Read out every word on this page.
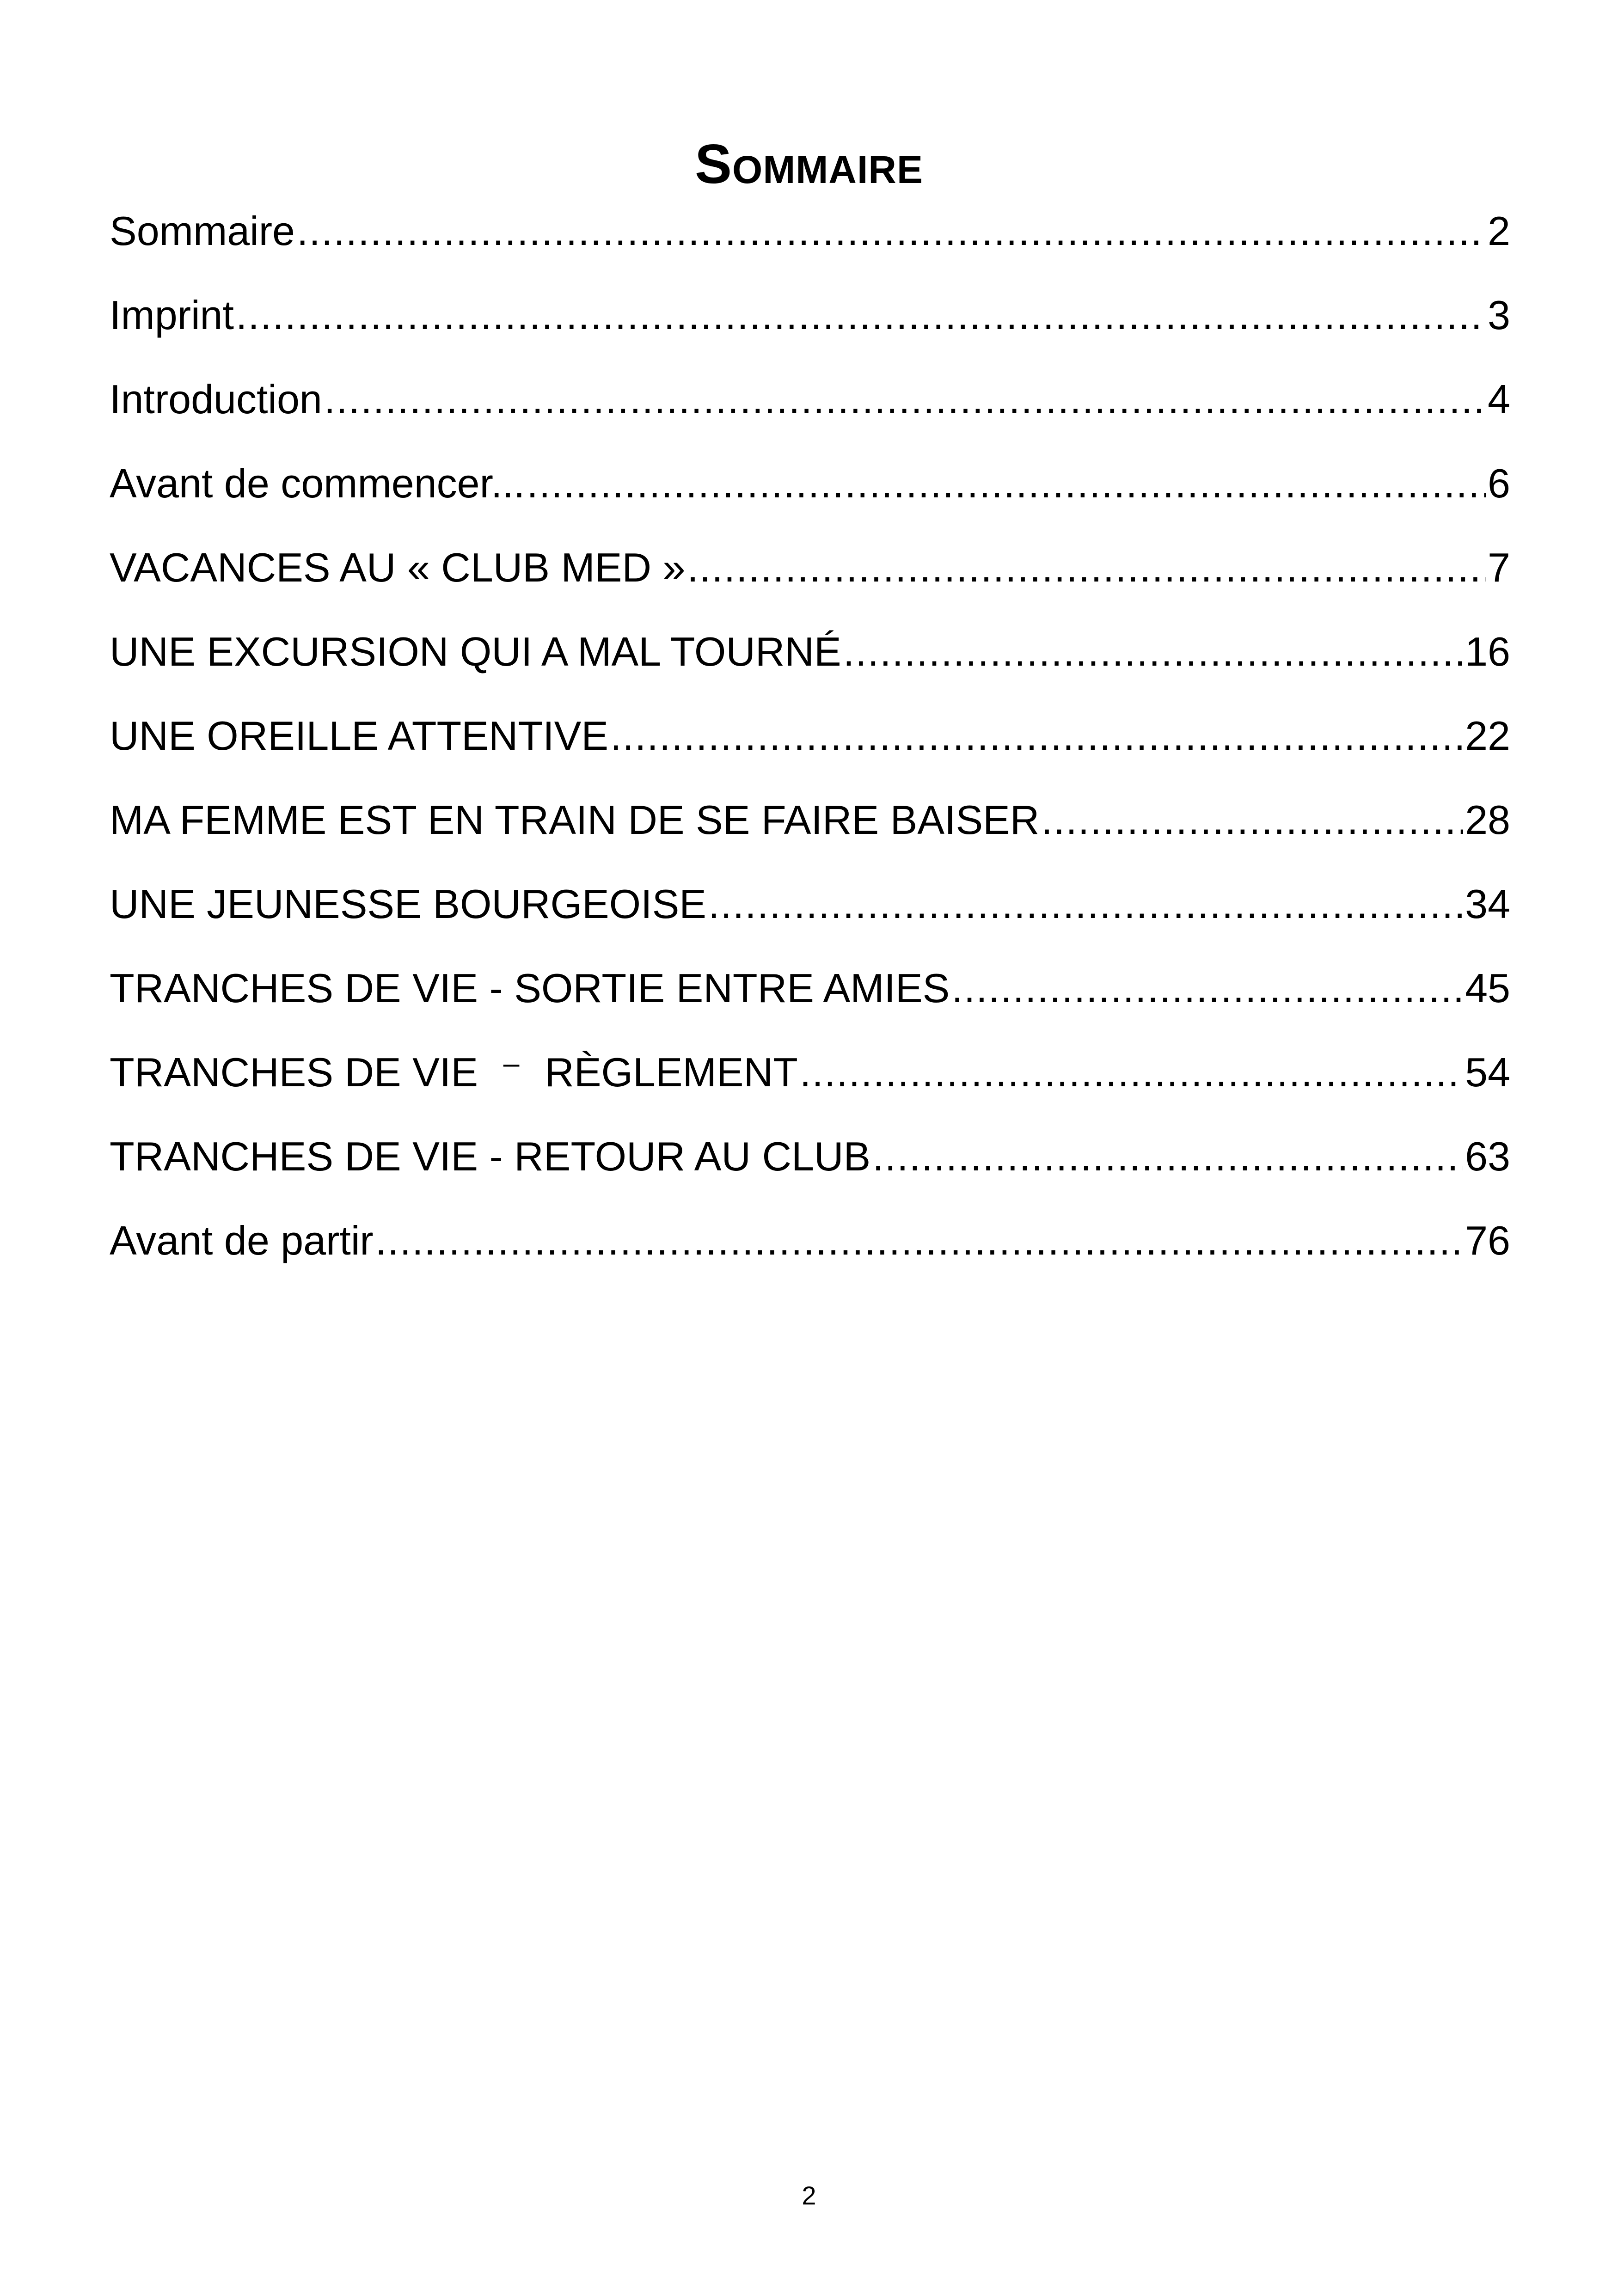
Sommaire
Sommaire .....	2
Imprint .....	3
Introduction .....	4
Avant de commencer... .....	6
VACANCES AU « CLUB MED » .....	7
UNE EXCURSION QUI A MAL TOURNÉ .....	16
UNE OREILLE ATTENTIVE .....	22
MA FEMME EST EN TRAIN DE SE FAIRE BAISER .....	28
UNE JEUNESSE BOURGEOISE .....	34
TRANCHES DE VIE - SORTIE ENTRE AMIES .....	45
TRANCHES DE VIE  ⁻  RÈGLEMENT .....	54
TRANCHES DE VIE - RETOUR AU CLUB .....	63
Avant de partir .....	76
2
